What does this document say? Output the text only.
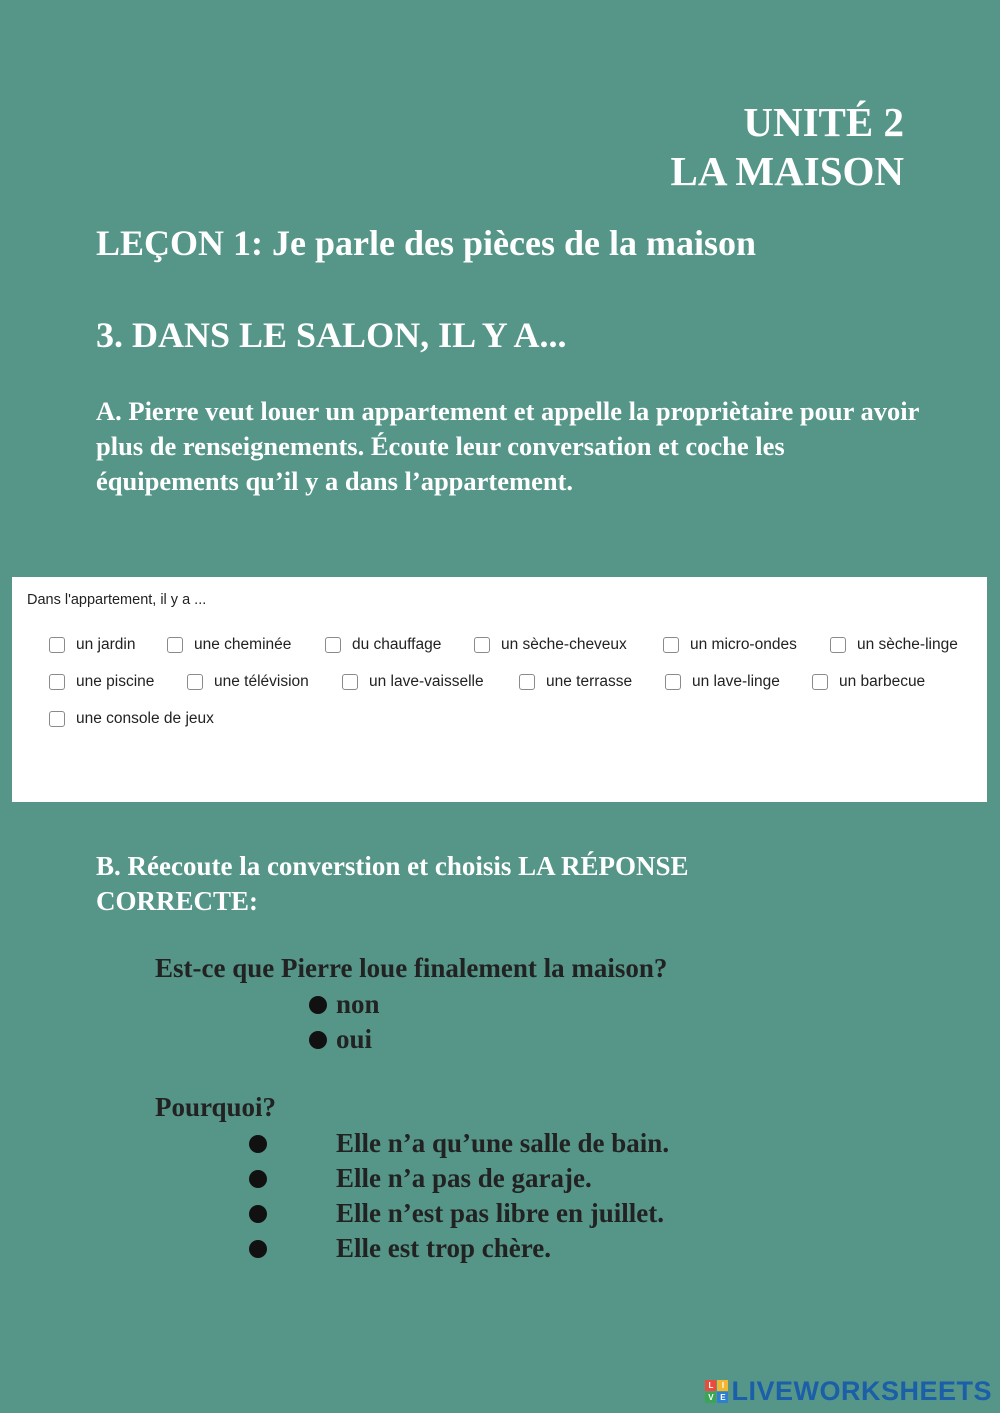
UNITÉ 2
LA MAISON
LEÇON 1: Je parle des pièces de la maison
3. DANS LE SALON, IL Y A...
A. Pierre veut louer un appartement et appelle la propriètaire pour avoir plus de renseignements. Écoute leur conversation et coche les équipements qu’il y a dans l’appartement.
Dans l'appartement, il y a ...
un jardin	une cheminée	du chauffage	un sèche-cheveux	un micro-ondes	un sèche-linge
une piscine	une télévision	un lave-vaisselle	une terrasse	un lave-linge	un barbecue
une console de jeux
B. Réecoute la converstion et choisis LA RÉPONSE CORRECTE:
Est-ce que Pierre loue finalement la maison?
non
oui
Pourquoi?
Elle n’a qu’une salle de bain.
Elle n’a pas de garaje.
Elle n’est pas libre en juillet.
Elle est trop chère.
L	I
V E LIVEWORKSHEETS
